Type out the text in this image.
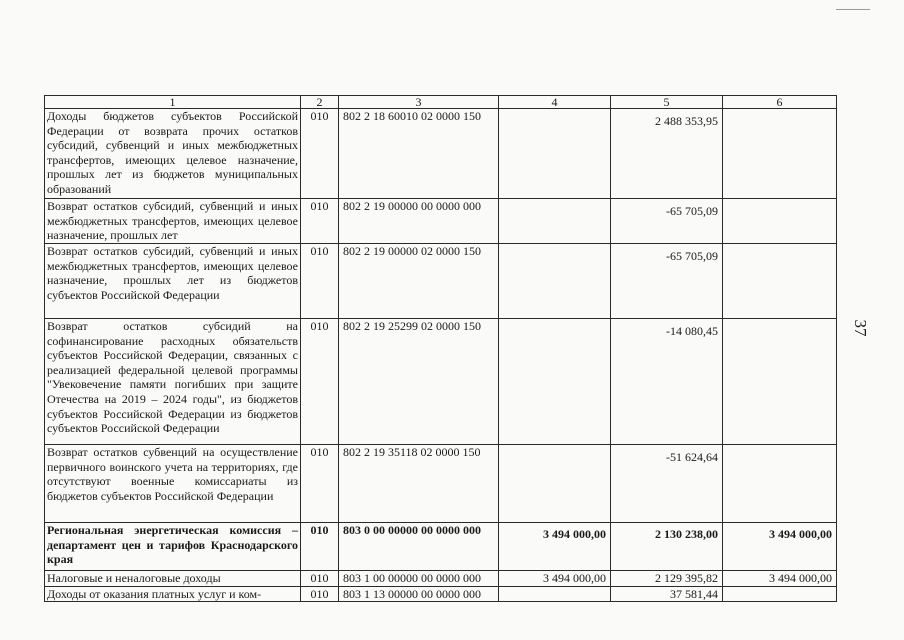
37
1	2	3	4	5	6
Доходы бюджетов субъектов Российской Федерации от возврата прочих остатков субсидий, субвенций и иных межбюджетных трансфертов, имеющих целевое назначение, прошлых лет из бюджетов муниципальных образований	010	802 2 18 60010 02 0000 150		2 488 353,95	
Возврат остатков субсидий, субвенций и иных межбюджетных трансфертов, имеющих целевое назначение, прошлых лет	010	802 2 19 00000 00 0000 000		-65 705,09	
Возврат остатков субсидий, субвенций и иных межбюджетных трансфертов, имеющих целевое назначение, прошлых лет из бюджетов субъектов Российской Федерации	010	802 2 19 00000 02 0000 150		-65 705,09	
Возврат остатков субсидий на софинансирование расходных обязательств субъектов Российской Федерации, связанных с реализацией федеральной целевой программы "Увековечение памяти погибших при защите Отечества на 2019 – 2024 годы", из бюджетов субъектов Российской Федерации из бюджетов субъектов Российской Федерации	010	802 2 19 25299 02 0000 150		-14 080,45	
Возврат остатков субвенций на осуществление первичного воинского учета на территориях, где отсутствуют военные комиссариаты из бюджетов субъектов Российской Федерации	010	802 2 19 35118 02 0000 150		-51 624,64	
Региональная энергетическая комиссия – департамент цен и тарифов Краснодарского края	010	803 0 00 00000 00 0000 000	3 494 000,00	2 130 238,00	3 494 000,00
Налоговые и неналоговые доходы	010	803 1 00 00000 00 0000 000	3 494 000,00	2 129 395,82	3 494 000,00
Доходы от оказания платных услуг и ком-	010	803 1 13 00000 00 0000 000		37 581,44	
